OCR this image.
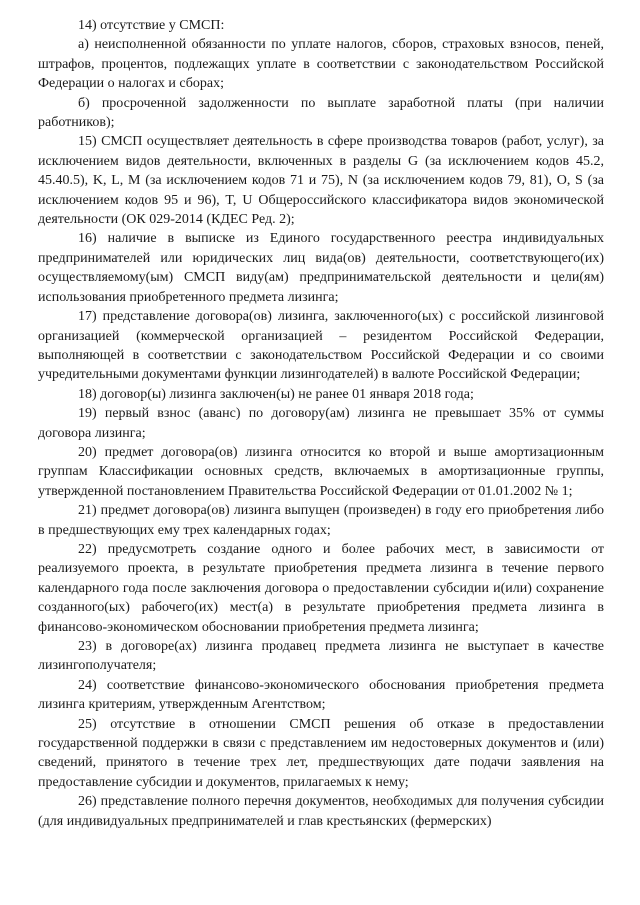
14) отсутствие у СМСП:

а) неисполненной обязанности по уплате налогов, сборов, страховых взносов, пеней, штрафов, процентов, подлежащих уплате в соответствии с законодательством Российской Федерации о налогах и сборах;

б) просроченной задолженности по выплате заработной платы (при наличии работников);

15) СМСП осуществляет деятельность в сфере производства товаров (работ, услуг), за исключением видов деятельности, включенных в разделы G (за исключением кодов 45.2, 45.40.5), K, L, M (за исключением кодов 71 и 75), N (за исключением кодов 79, 81), O, S (за исключением кодов 95 и 96), T, U Общероссийского классификатора видов экономической деятельности (ОК 029-2014 (КДЕС Ред. 2);

16) наличие в выписке из Единого государственного реестра индивидуальных предпринимателей или юридических лиц вида(ов) деятельности, соответствующего(их) осуществляемому(ым) СМСП виду(ам) предпринимательской деятельности и цели(ям) использования приобретенного предмета лизинга;

17) представление договора(ов) лизинга, заключенного(ых) с российской лизинговой организацией (коммерческой организацией – резидентом Российской Федерации, выполняющей в соответствии с законодательством Российской Федерации и со своими учредительными документами функции лизингодателей) в валюте Российской Федерации;

18) договор(ы) лизинга заключен(ы) не ранее 01 января 2018 года;

19) первый взнос (аванс) по договору(ам) лизинга не превышает 35% от суммы договора лизинга;

20) предмет договора(ов) лизинга относится ко второй и выше амортизационным группам Классификации основных средств, включаемых в амортизационные группы, утвержденной постановлением Правительства Российской Федерации от 01.01.2002 № 1;

21) предмет договора(ов) лизинга выпущен (произведен) в году его приобретения либо в предшествующих ему трех календарных годах;

22) предусмотреть создание одного и более рабочих мест, в зависимости от реализуемого проекта, в результате приобретения предмета лизинга в течение первого календарного года после заключения договора о предоставлении субсидии и(или) сохранение созданного(ых) рабочего(их) мест(а) в результате приобретения предмета лизинга в финансово-экономическом обосновании приобретения предмета лизинга;

23) в договоре(ах) лизинга продавец предмета лизинга не выступает в качестве лизингополучателя;

24) соответствие финансово-экономического обоснования приобретения предмета лизинга критериям, утвержденным Агентством;

25) отсутствие в отношении СМСП решения об отказе в предоставлении государственной поддержки в связи с представлением им недостоверных документов и (или) сведений, принятого в течение трех лет, предшествующих дате подачи заявления на предоставление субсидии и документов, прилагаемых к нему;

26) представление полного перечня документов, необходимых для получения субсидии (для индивидуальных предпринимателей и глав крестьянских (фермерских)
